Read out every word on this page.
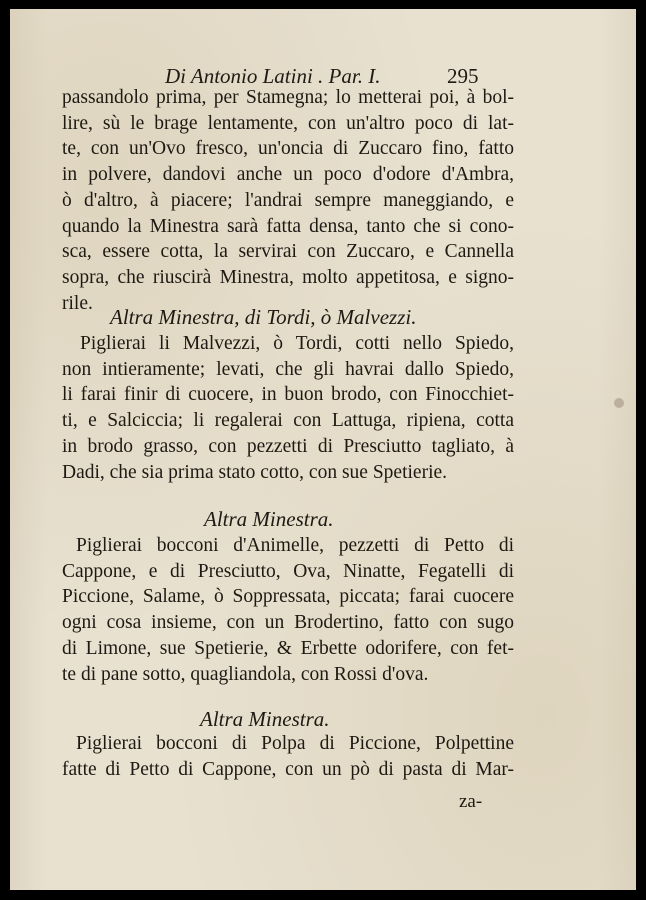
Di Antonio Latini . Par. I.	295
passandolo prima, per Stamegna; lo metterai poi, à bol-
lire, sù le brage lentamente, con un'altro poco di lat-
te, con un'Ovo fresco, un'oncia di Zuccaro fino, fatto
in polvere, dandovi anche un poco d'odore d'Ambra,
ò d'altro, à piacere; l'andrai sempre maneggiando, e
quando la Minestra sarà fatta densa, tanto che si cono-
sca, essere cotta, la servirai con Zuccaro, e Cannella
sopra, che riuscirà Minestra, molto appetitosa, e signo-
rile.
Altra Minestra, di Tordi, ò Malvezzi.
Piglierai li Malvezzi, ò Tordi, cotti nello Spiedo,
non intieramente; levati, che gli havrai dallo Spiedo,
li farai finir di cuocere, in buon brodo, con Finocchiet-
ti, e Salciccia; li regalerai con Lattuga, ripiena, cotta
in brodo grasso, con pezzetti di Presciutto tagliato, à
Dadi, che sia prima stato cotto, con sue Spetierie.
Altra Minestra.
Piglierai bocconi d'Animelle, pezzetti di Petto di
Cappone, e di Presciutto, Ova, Ninatte, Fegatelli di
Piccione, Salame, ò Soppressata, piccata; farai cuocere
ogni cosa insieme, con un Brodertino, fatto con sugo
di Limone, sue Spetierie, & Erbette odorifere, con fet-
te di pane sotto, quagliandola, con Rossi d'ova.
Altra Minestra.
Piglierai bocconi di Polpa di Piccione, Polpettine
fatte di Petto di Cappone, con un pò di pasta di Mar-
za-
